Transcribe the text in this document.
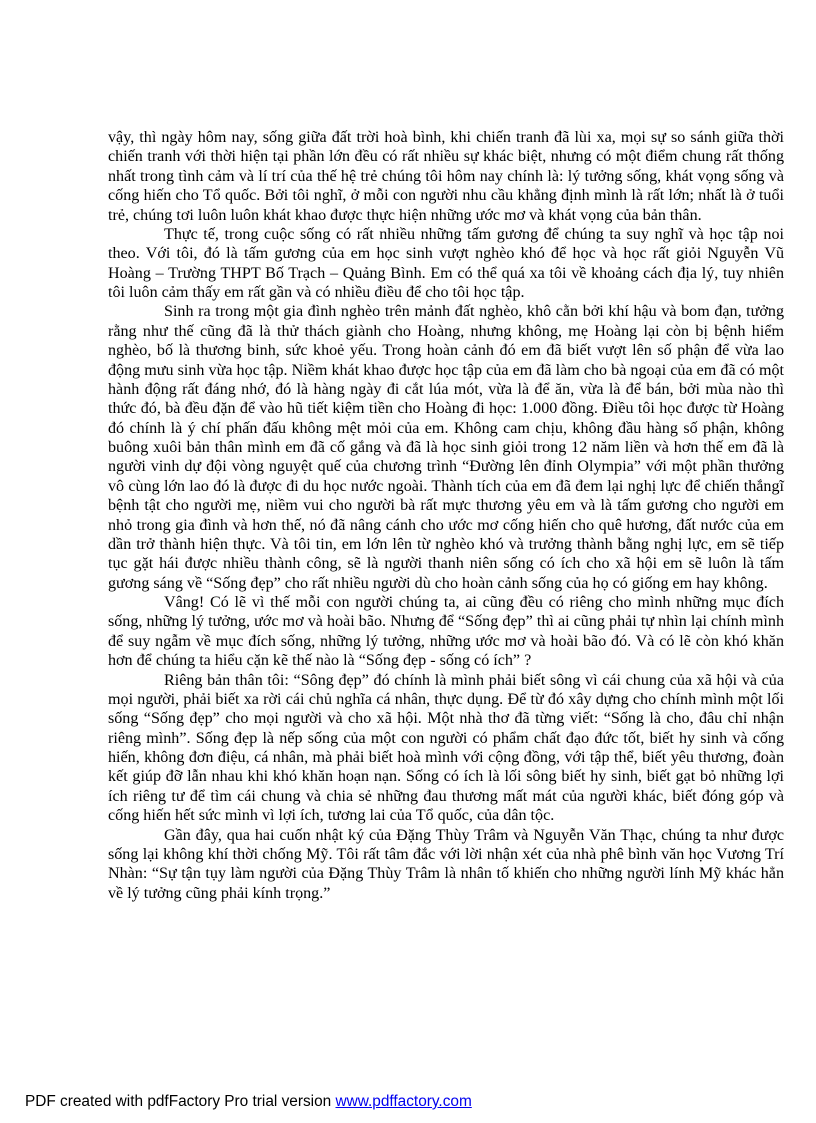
vậy, thì ngày hôm nay, sống giữa đất trời hoà bình, khi chiến tranh đã lùi xa, mọi sự so sánh giữa thời chiến tranh với thời hiện tại phần lớn đều có rất nhiều sự khác biệt, nhưng có một điểm chung rất thống nhất trong tình cảm và lí trí của thế hệ trẻ chúng tôi hôm nay chính là: lý tưởng sống, khát vọng sống và cống hiến cho Tổ quốc. Bởi tôi nghĩ, ở mỗi con người nhu cầu khẳng định mình là rất lớn; nhất là ở tuổi trẻ, chúng tơi luôn luôn khát khao được thực hiện những ước mơ và khát vọng của bản thân.

Thực tế, trong cuộc sống có rất nhiều những tấm gương để chúng ta suy nghĩ và học tập noi theo. Với tôi, đó là tấm gương của em học sinh vượt nghèo khó để học và học rất giỏi Nguyễn Vũ Hoàng – Trường THPT Bố Trạch – Quảng Bình. Em có thể quá xa tôi về khoảng cách địa lý, tuy nhiên tôi luôn cảm thấy em rất gần và có nhiều điều để cho tôi học tập.

Sinh ra trong một gia đình nghèo trên mảnh đất nghèo, khô cằn bởi khí hậu và bom đạn, tưởng rằng như thế cũng đã là thử thách giành cho Hoàng, nhưng không, mẹ Hoàng lại còn bị bệnh hiểm nghèo, bố là thương binh, sức khoẻ yếu. Trong hoàn cảnh đó em đã biết vượt lên số phận để vừa lao động mưu sinh vừa học tập. Niềm khát khao được học tập của em đã làm cho bà ngoại của em đã có một hành động rất đáng nhớ, đó là hàng ngày đi cắt lúa mót, vừa là để ăn, vừa là để bán, bởi mùa nào thì thức đó, bà đều đặn để vào hũ tiết kiệm tiền cho Hoàng đi học: 1.000 đồng. Điều tôi học được từ Hoàng đó chính là ý chí phấn đấu không mệt mỏi của em. Không cam chịu, không đầu hàng số phận, không buông xuôi bản thân mình em đã cố gắng và đã là học sinh giỏi trong 12 năm liền và hơn thế em đã là người vinh dự đội vòng nguyệt quế của chương trình “Đường lên đỉnh Olympia” với một phần thưởng vô cùng lớn lao đó là được đi du học nước ngoài. Thành tích của em đã đem lại nghị lực để chiến thắngĩ bệnh tật cho người mẹ, niềm vui cho người bà rất mực thương yêu em và là tấm gương cho người em nhỏ trong gia đình và hơn thế, nó đã nâng cánh cho ước mơ cống hiến cho quê hương, đất nước của em dần trở thành hiện thực. Và tôi tin, em lớn lên từ nghèo khó và trưởng thành bằng nghị lực, em sẽ tiếp tục gặt hái được nhiều thành công, sẽ là người thanh niên sống có ích cho xã hội em sẽ luôn là tấm gương sáng về “Sống đẹp” cho rất nhiều người dù cho hoàn cảnh sống của họ có giống em hay không.

Vâng! Có lẽ vì thế mỗi con người chúng ta, ai cũng đều có riêng cho mình những mục đích sống, những lý tưởng, ước mơ và hoài bão. Nhưng để “Sống đẹp” thì ai cũng phải tự nhìn lại chính mình để suy ngẫm về mục đích sống, những lý tưởng, những ước mơ và hoài bão đó. Và có lẽ còn khó khăn hơn để chúng ta hiểu cặn kẽ thế nào là “Sống đẹp - sống có ích” ?

Riêng bản thân tôi: “Sông đẹp” đó chính là mình phải biết sông vì cái chung của xã hội và của mọi người, phải biết xa rời cái chủ nghĩa cá nhân, thực dụng. Để từ đó xây dựng cho chính mình một lối sống “Sống đẹp” cho mọi người và cho xã hội. Một nhà thơ đã từng viết: “Sống là cho, đâu chỉ nhận riêng mình”. Sống đẹp là nếp sống của một con người có phẩm chất đạo đức tốt, biết hy sinh và cống hiến, không đơn điệu, cá nhân, mà phải biết hoà mình với cộng đồng, với tập thể, biết yêu thương, đoàn kết giúp đỡ lẫn nhau khi khó khăn hoạn nạn. Sống có ích là lối sông biết hy sinh, biết gạt bỏ những lợi ích riêng tư để tìm cái chung và chia sẻ những đau thương mất mát của người khác, biết đóng góp và cống hiến hết sức mình vì lợi ích, tương lai của Tổ quốc, của dân tộc.

Gần đây, qua hai cuốn nhật ký của Đặng Thùy Trâm và Nguyễn Văn Thạc, chúng ta như được sống lại không khí thời chống Mỹ. Tôi rất tâm đắc với lời nhận xét của nhà phê bình văn học Vương Trí Nhàn: “Sự tận tụy làm người của Đặng Thùy Trâm là nhân tố khiến cho những người lính Mỹ khác hẳn về lý tưởng cũng phải kính trọng.”

PDF created with pdfFactory Pro trial version www.pdffactory.com
